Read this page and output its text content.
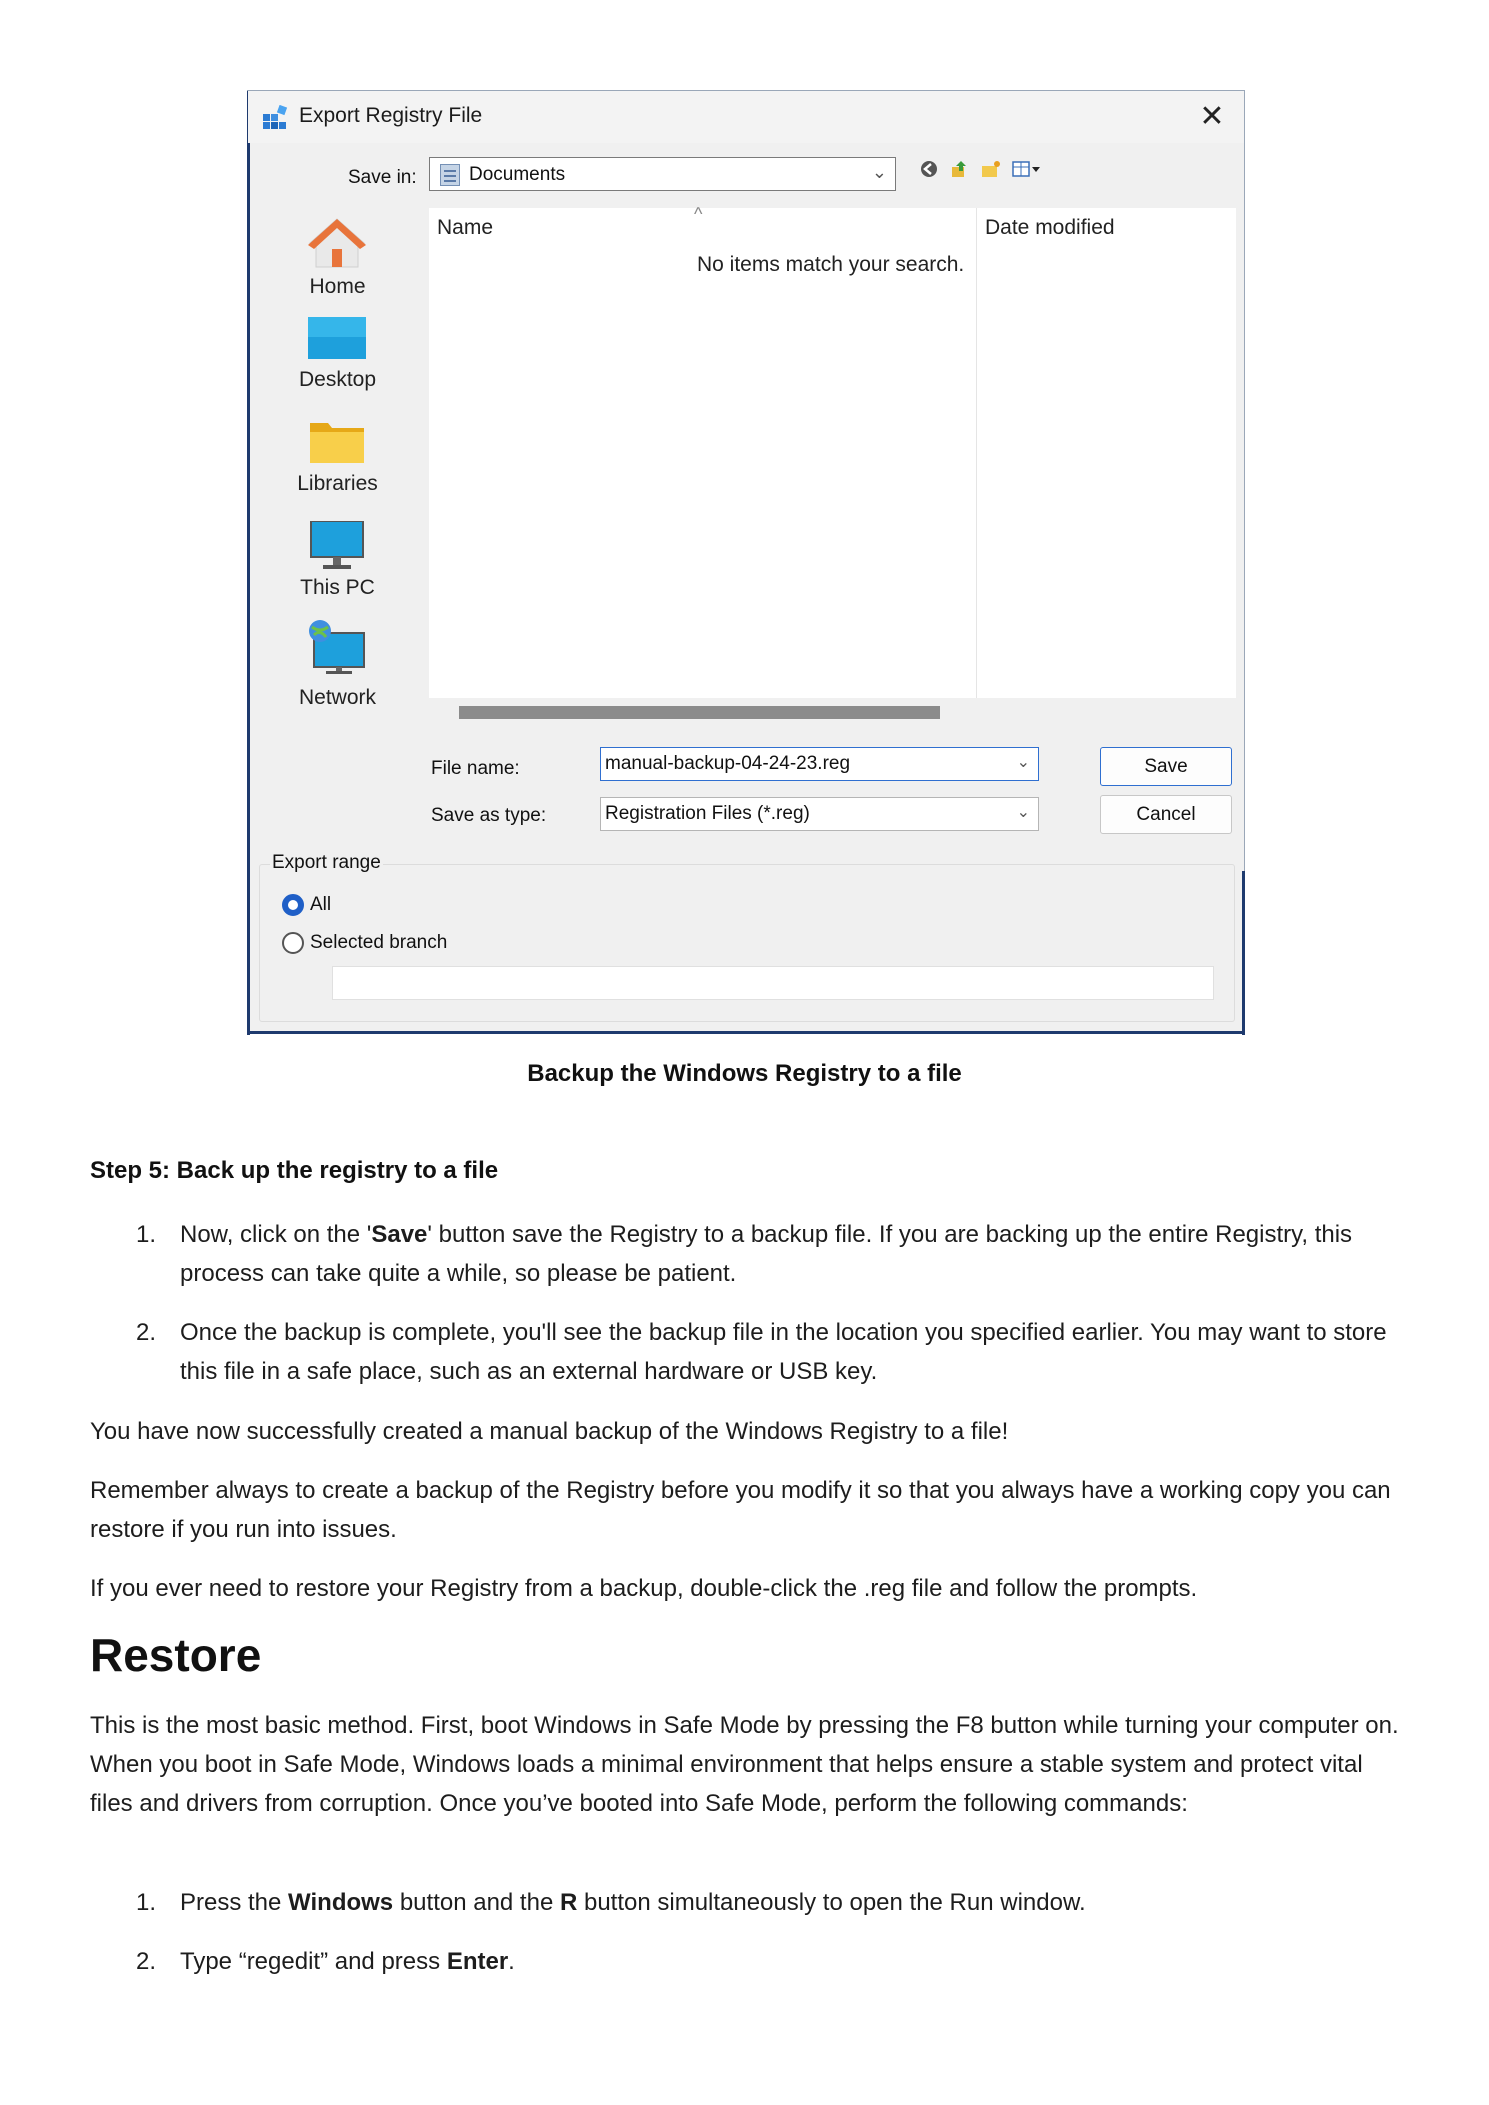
Export Registry File	✕
Save in:	Documents	⌄

Home
Desktop
Libraries
This PC
Network
Name
^
Date modified
No items match your search.
File name:	manual-backup-04-24-23.reg	⌄
Save as type:	Registration Files (*.reg)	⌄
Save
Cancel
Export range
All
Selected branch
Backup the Windows Registry to a file
Step 5: Back up the registry to a file
1. Now, click on the 'Save' button save the Registry to a backup file. If you are backing up the entire Registry, this process can take quite a while, so please be patient.
2. Once the backup is complete, you'll see the backup file in the location you specified earlier. You may want to store this file in a safe place, such as an external hardware or USB key.
You have now successfully created a manual backup of the Windows Registry to a file!
Remember always to create a backup of the Registry before you modify it so that you always have a working copy you can restore if you run into issues.
If you ever need to restore your Registry from a backup, double-click the .reg file and follow the prompts.
Restore
This is the most basic method. First, boot Windows in Safe Mode by pressing the F8 button while turning your computer on. When you boot in Safe Mode, Windows loads a minimal environment that helps ensure a stable system and protect vital files and drivers from corruption. Once you’ve booted into Safe Mode, perform the following commands:
1. Press the Windows button and the R button simultaneously to open the Run window.
2. Type “regedit” and press Enter.
